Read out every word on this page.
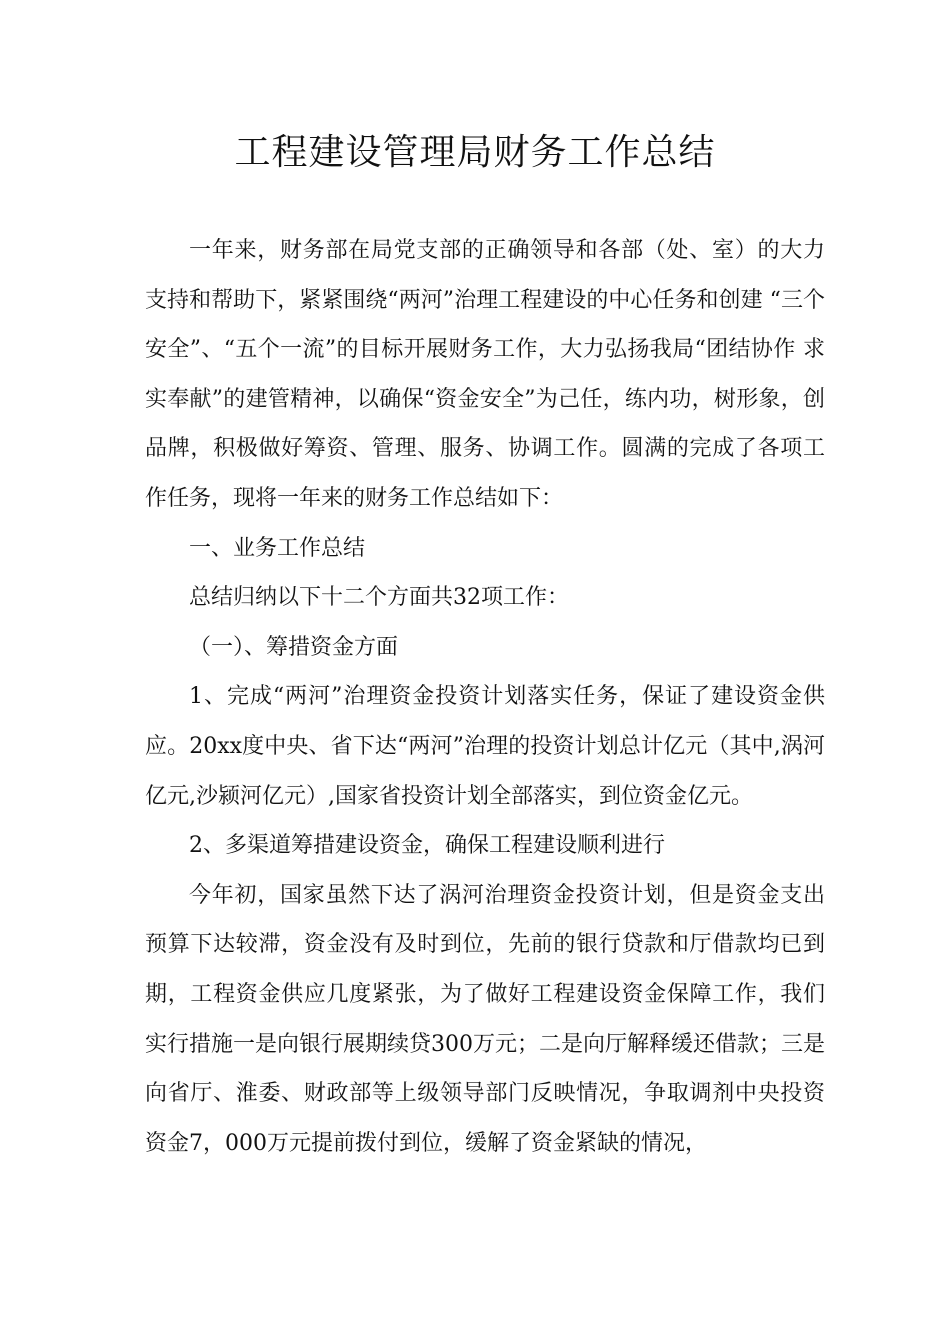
工程建设管理局财务工作总结

一年来，财务部在局党支部的正确领导和各部（处、室）的大力支持和帮助下，紧紧围绕“两河”治理工程建设的中心任务和创建 “三个安全”、“五个一流”的目标开展财务工作，大力弘扬我局“团结协作 求实奉献”的建管精神，以确保“资金安全”为己任，练内功，树形象，创品牌，积极做好筹资、管理、服务、协调工作。圆满的完成了各项工作任务，现将一年来的财务工作总结如下：

一、业务工作总结

总结归纳以下十二个方面共32项工作：

（一）、筹措资金方面

1、完成“两河”治理资金投资计划落实任务，保证了建设资金供应。20xx度中央、省下达“两河”治理的投资计划总计亿元（其中,涡河亿元,沙颍河亿元）,国家省投资计划全部落实，到位资金亿元。

2、多渠道筹措建设资金，确保工程建设顺利进行

今年初，国家虽然下达了涡河治理资金投资计划，但是资金支出预算下达较滞，资金没有及时到位，先前的银行贷款和厅借款均已到期，工程资金供应几度紧张，为了做好工程建设资金保障工作，我们实行措施一是向银行展期续贷300万元；二是向厅解释缓还借款；三是向省厅、淮委、财政部等上级领导部门反映情况，争取调剂中央投资资金7，000万元提前拨付到位，缓解了资金紧缺的情况，
